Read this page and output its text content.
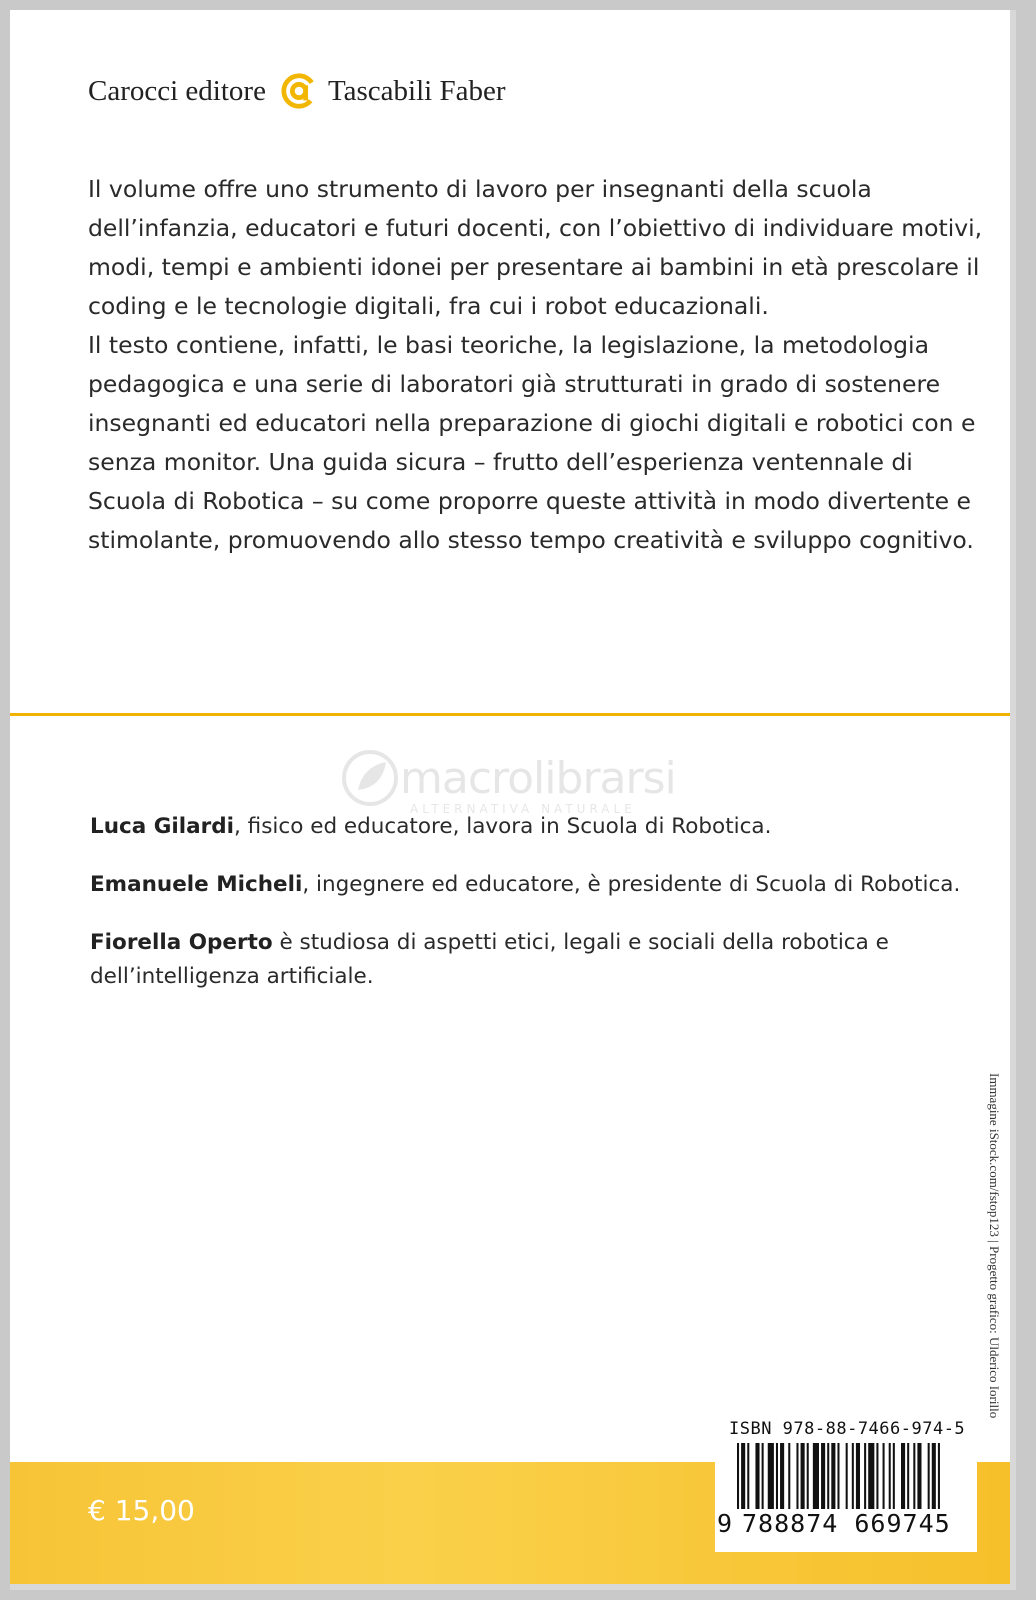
Carocci editore Tascabili Faber

Il volume offre uno strumento di lavoro per insegnanti della scuola dell’infanzia, educatori e futuri docenti, con l’obiettivo di individuare motivi, modi, tempi e ambienti idonei per presentare ai bambini in età prescolare il coding e le tecnologie digitali, fra cui i robot educazionali.

Il testo contiene, infatti, le basi teoriche, la legislazione, la metodologia pedagogica e una serie di laboratori già strutturati in grado di sostenere insegnanti ed educatori nella preparazione di giochi digitali e robotici con e senza monitor. Una guida sicura – frutto dell’esperienza ventennale di Scuola di Robotica – su come proporre queste attività in modo divertente e stimolante, promuovendo allo stesso tempo creatività e sviluppo cognitivo.

macrolibrarsi
ALTERNATIVA NATURALE

Luca Gilardi, fisico ed educatore, lavora in Scuola di Robotica.

Emanuele Micheli, ingegnere ed educatore, è presidente di Scuola di Robotica.

Fiorella Operto è studiosa di aspetti etici, legali e sociali della robotica e dell’intelligenza artificiale.

Immagine iStock.com/fstop123 | Progetto grafico: Ulderico Iorillo
€ 15,00
ISBN 978-88-7466-974-5
9 788874 669745
